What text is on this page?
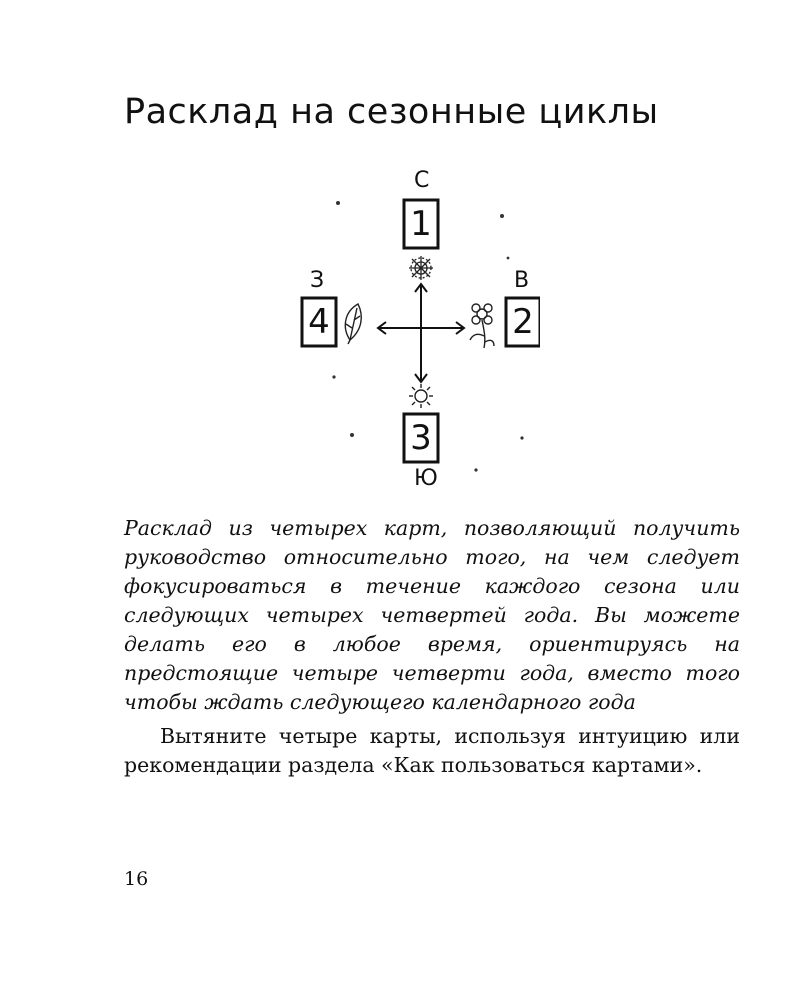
Расклад на сезонные циклы
С
З	В
Ю
1
2
3
4

Расклад из четырех карт, позволяющий получить руководство относительно того, на чем следует фокусироваться в течение каждого сезона или следующих четырех четвертей года. Вы можете делать его в любое время, ориентируясь на предстоящие четыре четверти года, вместо того чтобы ждать следующего календарного года

Вытяните четыре карты, используя интуицию или рекомендации раздела «Как пользоваться картами».

16
